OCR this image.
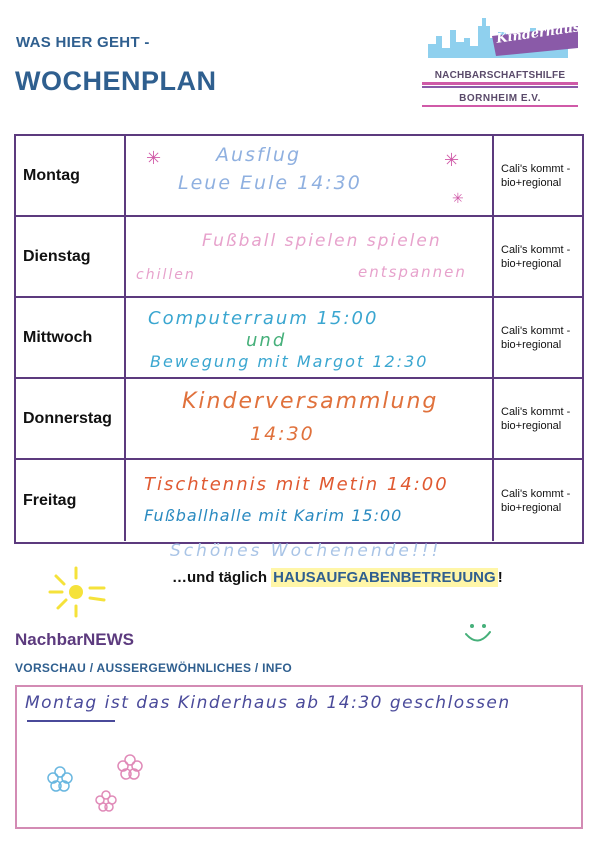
WAS HIER GEHT -
WOCHENPLAN
Kinderhaus
NACHBARSCHAFTSHILFE
BORNHEIM E.V.
Montag
✳	✳
✳
Ausflug
Leue Eule 14:30
Cali's kommt - bio+regional
Dienstag
Fußball spielen spielen
chillen	entspannen
Cali's kommt - bio+regional
Mittwoch
Computerraum 15:00
und
Bewegung mit Margot 12:30
Cali's kommt - bio+regional
Donnerstag
Kinderversammlung
14:30
Cali's kommt - bio+regional
Freitag
Tischtennis mit Metin 14:00
Fußballhalle mit Karim 15:00
Cali's kommt - bio+regional
Schönes Wochenende!!!
…und täglich HAUSAUFGABENBETREUUNG !
NachbarNEWS
VORSCHAU / AUSSERGEWÖHNLICHES / INFO
Montag ist das Kinderhaus ab 14:30 geschlossen
